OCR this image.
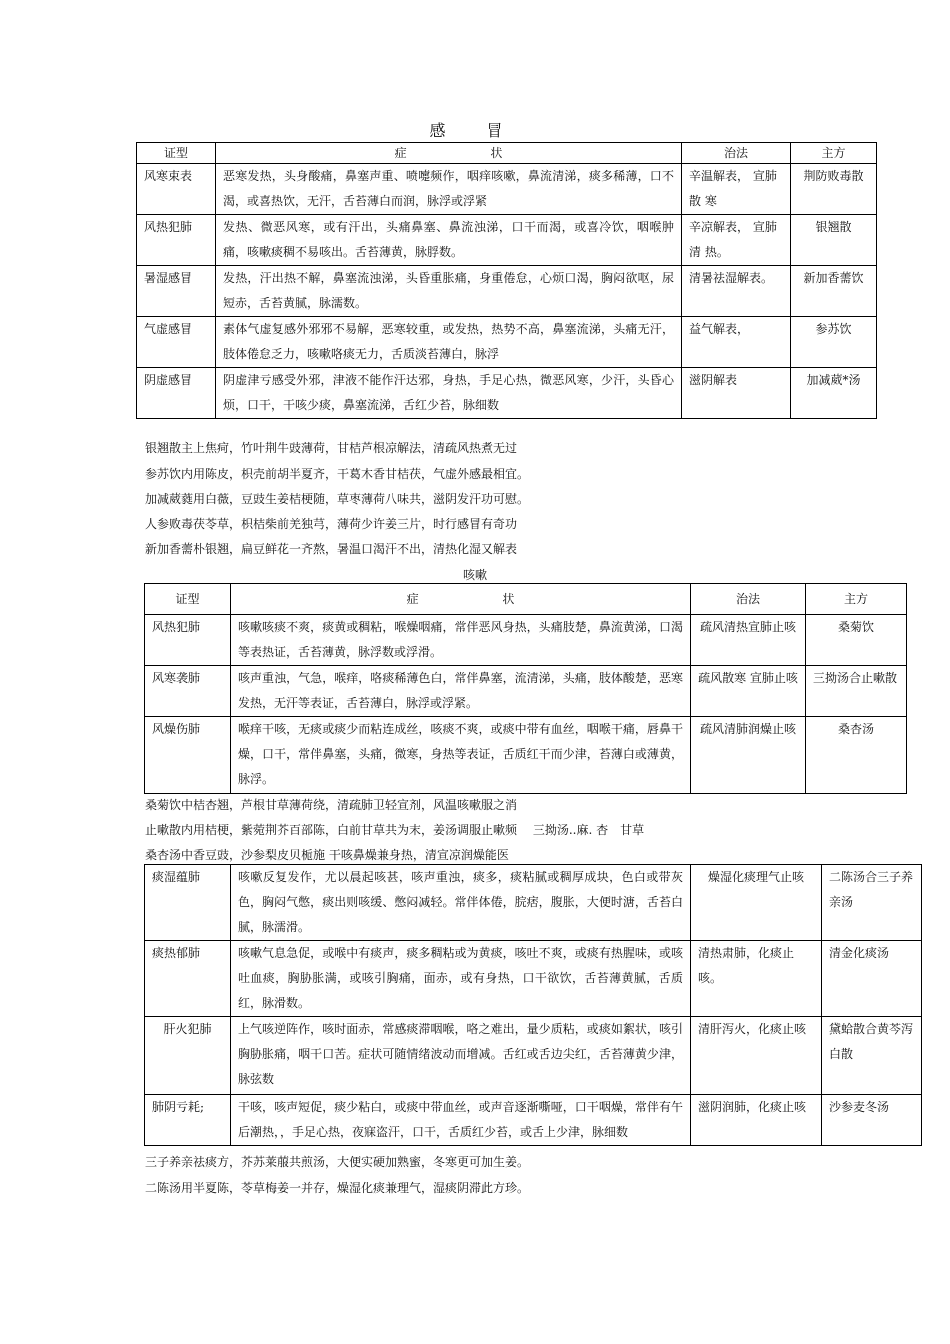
感 冒
证型	症 状	治法	主方
风寒束表	恶寒发热，头身酸痛，鼻塞声重、喷嚏频作，咽痒咳嗽，鼻流清涕，痰多稀薄，口不渴，或喜热饮，无汗，舌苔薄白而润，脉浮或浮紧	辛温解表， 宣肺 散 寒	荆防败毒散
风热犯肺	发热、微恶风寒，或有汗出，头痛鼻塞、鼻流浊涕，口干而渴，或喜冷饮，咽喉肿痛，咳嗽痰稠不易咳出。舌苔薄黄，脉脬数。	辛凉解表， 宣肺 清 热。	银翘散
暑湿感冒	发热，汗出热不解，鼻塞流浊涕，头昏重胀痛，身重倦怠，心烦口渴，胸闷欲呕，尿短赤，舌苔黄腻，脉濡数。	清暑祛湿解表。	新加香薷饮
气虚感冒	素体气虚复感外邪邪不易解，恶寒较重，或发热，热势不高，鼻塞流涕，头痛无汗，肢体倦怠乏力，咳嗽咯痰无力，舌质淡苔薄白，脉浮	益气解表，	参苏饮
阴虚感冒	阴虚津亏感受外邪，津液不能作汗达邪，身热，手足心热，微恶风寒，少汗，头昏心烦，口干，干咳少痰，鼻塞流涕，舌红少苔，脉细数	滋阴解表	加减葳*汤
银翘散主上焦疴，竹叶荆牛豉薄荷，甘桔芦根凉解法，清疏风热煮无过
参苏饮内用陈皮，枳壳前胡半夏齐，干葛木香甘桔茯，气虚外感最相宜。
加减葳蕤用白薇，豆豉生姜桔梗随，草枣薄荷八味共，滋阴发汗功可慰。
人参败毒茯苓草，枳桔柴前羌独芎，薄荷少许姜三片，时行感冒有奇功
新加香薷朴银翘，扁豆鲜花一齐熬，暑温口渴汗不出，清热化湿又解表
咳嗽
证型	症 状	治法	主方
风热犯肺	咳嗽咳痰不爽，痰黄或稠粘，喉燥咽痛，常伴恶风身热，头痛肢楚，鼻流黄涕，口渴等表热证，舌苔薄黄，脉浮数或浮滑。	疏风清热宣肺止咳	桑菊饮
风寒袭肺	咳声重浊，气急，喉痒，咯痰稀薄色白，常伴鼻塞，流清涕，头痛，肢体酸楚，恶寒发热，无汗等表证，舌苔薄白，脉浮或浮紧。	疏风散寒 宣肺止咳	三拗汤合止嗽散
风燥伤肺	喉痒干咳，无痰或痰少而粘连成丝，咳痰不爽，或痰中带有血丝，咽喉干痛，唇鼻干燥，口干，常伴鼻塞，头痛，微寒，身热等表证，舌质红干而少津，苔薄白或薄黄，脉浮。	疏风清肺润燥止咳	桑杏汤
桑菊饮中桔杏翘，芦根甘草薄荷绕，清疏肺卫轻宣剂，风温咳嗽服之消
止嗽散内用桔梗，紫菀荆芥百部陈，白前甘草共为末，姜汤调服止嗽频　 三拗汤..麻. 杏　甘草
桑杏汤中香豆豉，沙参梨皮贝栀施 干咳鼻燥兼身热，清宣凉润燥能医
痰湿蕴肺	咳嗽反复发作，尤以晨起咳甚，咳声重浊，痰多，痰粘腻或稠厚成块，色白或带灰色，胸闷气憋，痰出则咳缓、憋闷减轻。常伴体倦，脘痞，腹胀，大便时溏，舌苔白腻，脉濡滑。	燥湿化痰理气止咳	二陈汤合三子养亲汤
痰热郁肺	咳嗽气息急促，或喉中有痰声，痰多稠粘或为黄痰，咳吐不爽，或痰有热腥味，或咳吐血痰，胸胁胀满，或咳引胸痛，面赤，或有身热，口干欲饮，舌苔薄黄腻，舌质红，脉滑数。	清热肃肺，化痰止咳。	清金化痰汤
肝火犯肺	上气咳逆阵作，咳时面赤，常感痰滞咽喉，咯之难出，量少质粘，或痰如絮状，咳引胸胁胀痛，咽干口苦。症状可随情绪波动而增减。舌红或舌边尖红，舌苔薄黄少津，脉弦数	清肝泻火，化痰止咳	黛蛤散合黄芩泻白散
肺阴亏耗;	干咳，咳声短促，痰少粘白，或痰中带血丝，或声音逐渐嘶哑，口干咽燥，常伴有午后潮热，，手足心热，夜寐盗汗，口干，舌质红少苔，或舌上少津，脉细数	滋阴润肺，化痰止咳	沙参麦冬汤
三子养亲祛痰方，芥苏莱菔共煎汤，大便实硬加熟蜜，冬寒更可加生姜。
二陈汤用半夏陈，苓草梅姜一并存，燥湿化痰兼理气，湿痰阴滞此方珍。
